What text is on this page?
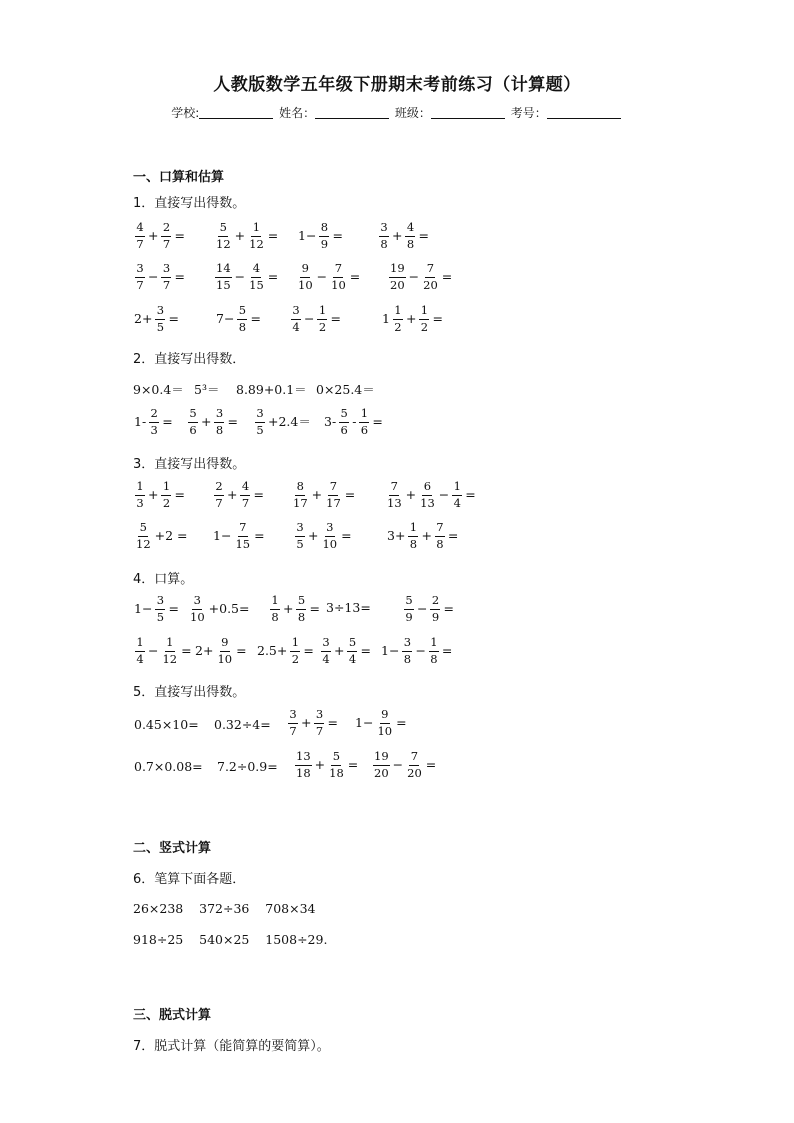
人教版数学五年级下册期末考前练习（计算题）
学校:	姓名：	班级：	考号：
一、口算和估算
1．直接写出得数。
$\frac{4}{7} + \frac{2}{7}$ =	$\frac{5}{12} + \frac{1}{12} = 1- \frac{8}{9}$ =	$\frac{3}{8} + \frac{4}{8}$ =
$\frac{3}{7} - \frac{3}{7}$ =	$\frac{14}{15} - \frac{4}{15} = \frac{9}{10} - \frac{7}{10}$ =	$\frac{19}{20} - \frac{7}{20}$ =
$2+ \frac{3}{5}$ =	$7- \frac{5}{8}$ =	$\frac{3}{4} - \frac{1}{2}$ =	$1 \frac{1}{2} + \frac{1}{2}$ =
2．直接写出得数．
9×0.4＝ 5³＝ 8.89+0.1＝ 0×25.4＝
$1- \frac{2}{3} = \frac{5}{6} + \frac{3}{8} = \frac{3}{5} +2.4= 3- \frac{5}{6} - \frac{1}{6}$ =
3．直接写出得数。
$\frac{1}{3} + \frac{1}{2}$ =	$\frac{2}{7} + \frac{4}{7} = \frac{8}{17} + \frac{7}{17}$ =	$\frac{7}{13} + \frac{6}{13} - \frac{1}{4}$ =
$\frac{5}{12} +2 = 1- \frac{7}{15}$ =	$\frac{3}{5} + \frac{3}{10}$ =	$3+ \frac{1}{8} + \frac{7}{8}$ =
4．口算。
$1- \frac{3}{5} = \frac{3}{10} +0.5= \frac{1}{8} + \frac{5}{8} = 3\div 13=$	$\frac{5}{9} - \frac{2}{9}$ =
$\frac{1}{4} - \frac{1}{12} = 2+ \frac{9}{10} = 2.5+ \frac{1}{2} = \frac{3}{4} + \frac{5}{4} = 1- \frac{3}{8} - \frac{1}{8}$ =
5．直接写出得数。
$0.45\times 10= 0.32\div 4= \frac{3}{7} + \frac{3}{7} = 1- \frac{9}{10}$ =
$0.7\times 0.08= 7.2\div 0.9= \frac{13}{18} + \frac{5}{18} = \frac{19}{20} - \frac{7}{20}$ =
二、竖式计算
6．笔算下面各题．
26×238    372÷36    708×34
918÷25    540×25    1508÷29.
三、脱式计算
7．脱式计算（能简算的要简算）。
